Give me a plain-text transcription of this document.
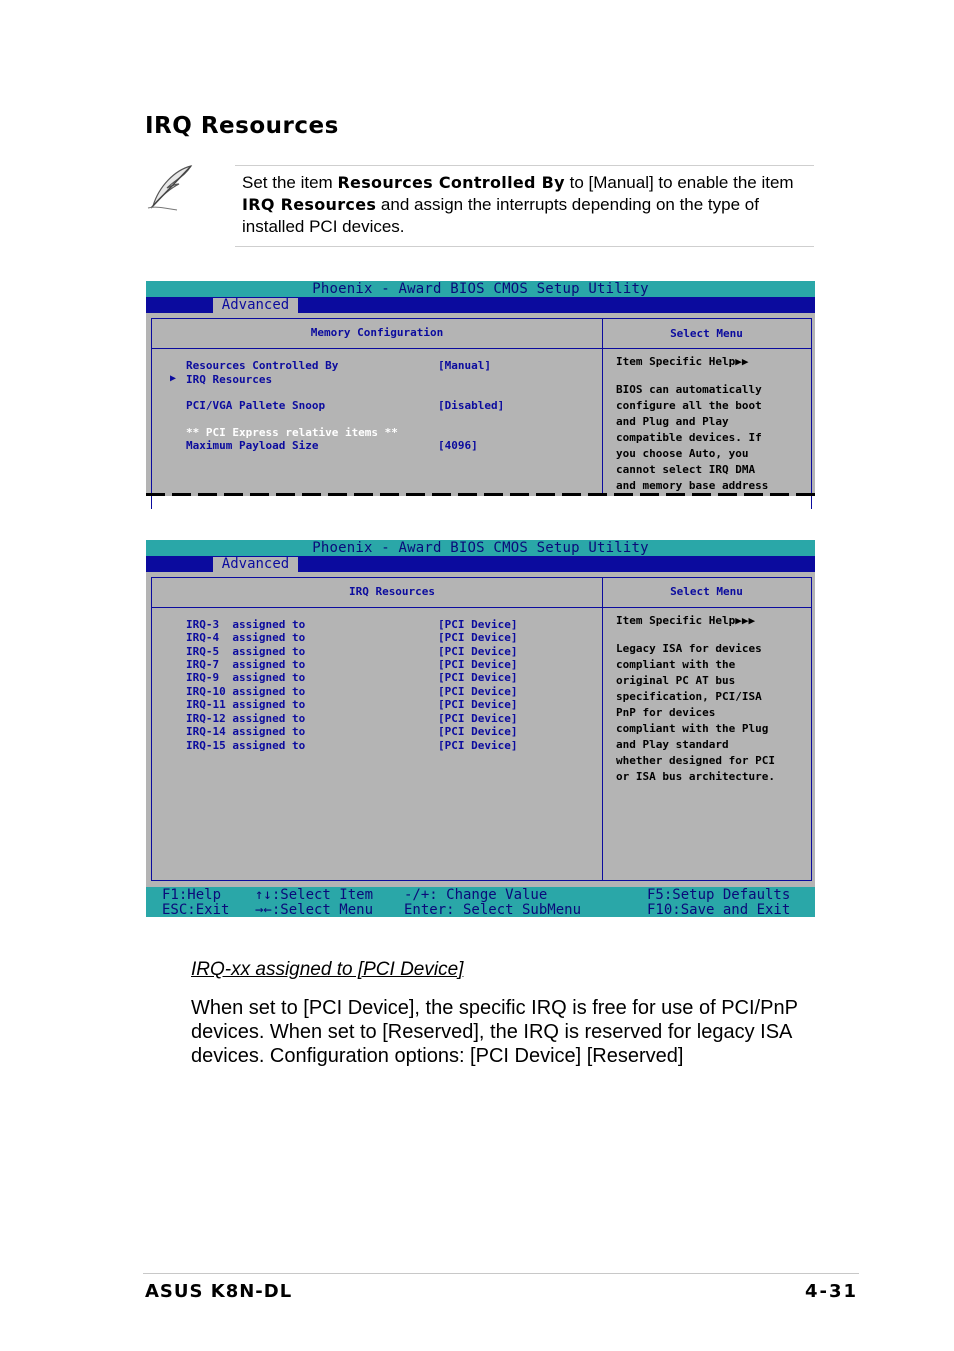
IRQ Resources
Set the item Resources Controlled By to [Manual] to enable the item IRQ Resources and assign the interrupts depending on the type of installed PCI devices.
Phoenix - Award BIOS CMOS Setup Utility
Advanced
Memory Configuration	Select Menu
Resources Controlled By	[Manual]
▶ IRQ Resources
PCI/VGA Pallete Snoop	[Disabled]
** PCI Express relative items **
Maximum Payload Size	[4096]
Item Specific Help▶▶
BIOS can automatically
configure all the boot
and Plug and Play
compatible devices. If
you choose Auto, you
cannot select IRQ DMA
and memory base address
Phoenix - Award BIOS CMOS Setup Utility
Advanced
IRQ Resources	Select Menu
IRQ-3  assigned to	[PCI Device]
IRQ-4  assigned to	[PCI Device]
IRQ-5  assigned to	[PCI Device]
IRQ-7  assigned to	[PCI Device]
IRQ-9  assigned to	[PCI Device]
IRQ-10 assigned to	[PCI Device]
IRQ-11 assigned to	[PCI Device]
IRQ-12 assigned to	[PCI Device]
IRQ-14 assigned to	[PCI Device]
IRQ-15 assigned to	[PCI Device]
Item Specific Help▶▶▶
Legacy ISA for devices
compliant with the
original PC AT bus
specification, PCI/ISA
PnP for devices
compliant with the Plug
and Play standard
whether designed for PCI
or ISA bus architecture.
F1:Help
ESC:Exit
↑↓:Select Item
→←:Select Menu
-/+: Change Value
Enter: Select SubMenu
F5:Setup Defaults
F10:Save and Exit
IRQ-xx assigned to [PCI Device]
When set to [PCI Device], the specific IRQ is free for use of PCI/PnP devices. When set to [Reserved], the IRQ is reserved for legacy ISA devices. Configuration options: [PCI Device] [Reserved]
ASUS K8N-DL	4-31
